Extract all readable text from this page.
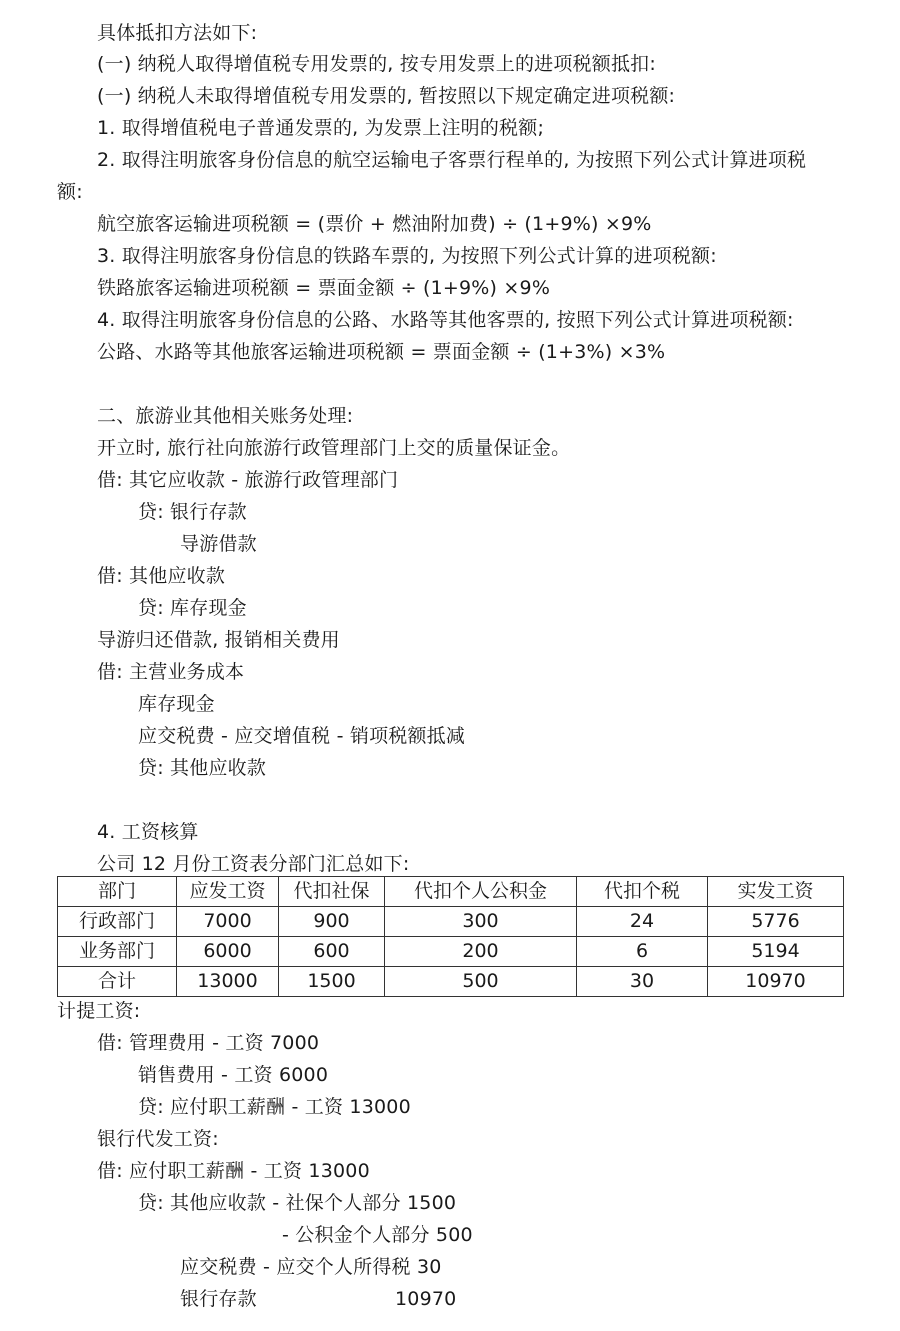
具体抵扣方法如下:
(一) 纳税人取得增值税专用发票的, 按专用发票上的进项税额抵扣:
(一) 纳税人未取得增值税专用发票的, 暂按照以下规定确定进项税额:
1. 取得增值税电子普通发票的, 为发票上注明的税额;
2. 取得注明旅客身份信息的航空运输电子客票行程单的, 为按照下列公式计算进项税
额:
航空旅客运输进项税额 = (票价 + 燃油附加费) ÷ (1+9%) ×9%
3. 取得注明旅客身份信息的铁路车票的, 为按照下列公式计算的进项税额:
铁路旅客运输进项税额 = 票面金额 ÷ (1+9%) ×9%
4. 取得注明旅客身份信息的公路、水路等其他客票的, 按照下列公式计算进项税额:
公路、水路等其他旅客运输进项税额 = 票面金额 ÷ (1+3%) ×3%
二、旅游业其他相关账务处理:
开立时, 旅行社向旅游行政管理部门上交的质量保证金。
借: 其它应收款 - 旅游行政管理部门
贷: 银行存款
导游借款
借: 其他应收款
贷: 库存现金
导游归还借款, 报销相关费用
借: 主营业务成本
库存现金
应交税费 - 应交增值税 - 销项税额抵减
贷: 其他应收款
4. 工资核算
公司 12 月份工资表分部门汇总如下:
部门	应发工资	代扣社保	代扣个人公积金	代扣个税	实发工资
行政部门	7000	900	300	24	5776
业务部门	6000	600	200	6	5194
合计	13000	1500	500	30	10970
计提工资:
借: 管理费用 - 工资 7000
销售费用 - 工资 6000
贷: 应付职工薪酬 - 工资 13000
银行代发工资:
借: 应付职工薪酬 - 工资 13000
贷: 其他应收款 - 社保个人部分 1500
- 公积金个人部分 500
应交税费 - 应交个人所得税 30
银行存款	10970
